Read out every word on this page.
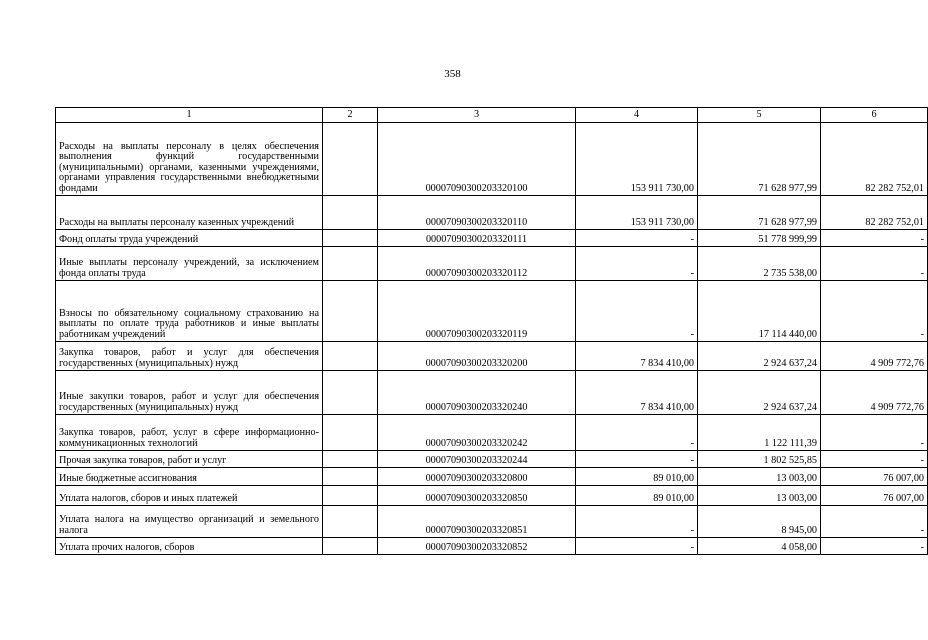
358
1	2	3	4	5	6
Расходы на выплаты персоналу в целях обеспечения выполнения функций государственными (муниципальными) органами, казенными учреждениями, органами управления государственными внебюджетными фондами		00007090300203320100	153 911 730,00	71 628 977,99	82 282 752,01
Расходы на выплаты персоналу казенных учреждений		00007090300203320110	153 911 730,00	71 628 977,99	82 282 752,01
Фонд оплаты труда учреждений		00007090300203320111	-	51 778 999,99	-
Иные выплаты персоналу учреждений, за исключением фонда оплаты труда		00007090300203320112	-	2 735 538,00	-
Взносы по обязательному социальному страхованию на выплаты по оплате труда работников и иные выплаты работникам учреждений		00007090300203320119	-	17 114 440,00	-
Закупка товаров, работ и услуг для обеспечения государственных (муниципальных) нужд		00007090300203320200	7 834 410,00	2 924 637,24	4 909 772,76
Иные закупки товаров, работ и услуг для обеспечения государственных (муниципальных) нужд		00007090300203320240	7 834 410,00	2 924 637,24	4 909 772,76
Закупка товаров, работ, услуг в сфере информационно-коммуникационных технологий		00007090300203320242	-	1 122 111,39	-
Прочая закупка товаров, работ и услуг		00007090300203320244	-	1 802 525,85	-
Иные бюджетные ассигнования		00007090300203320800	89 010,00	13 003,00	76 007,00
Уплата налогов, сборов и иных платежей		00007090300203320850	89 010,00	13 003,00	76 007,00
Уплата налога на имущество организаций и земельного налога		00007090300203320851	-	8 945,00	-
Уплата прочих налогов, сборов		00007090300203320852	-	4 058,00	-
